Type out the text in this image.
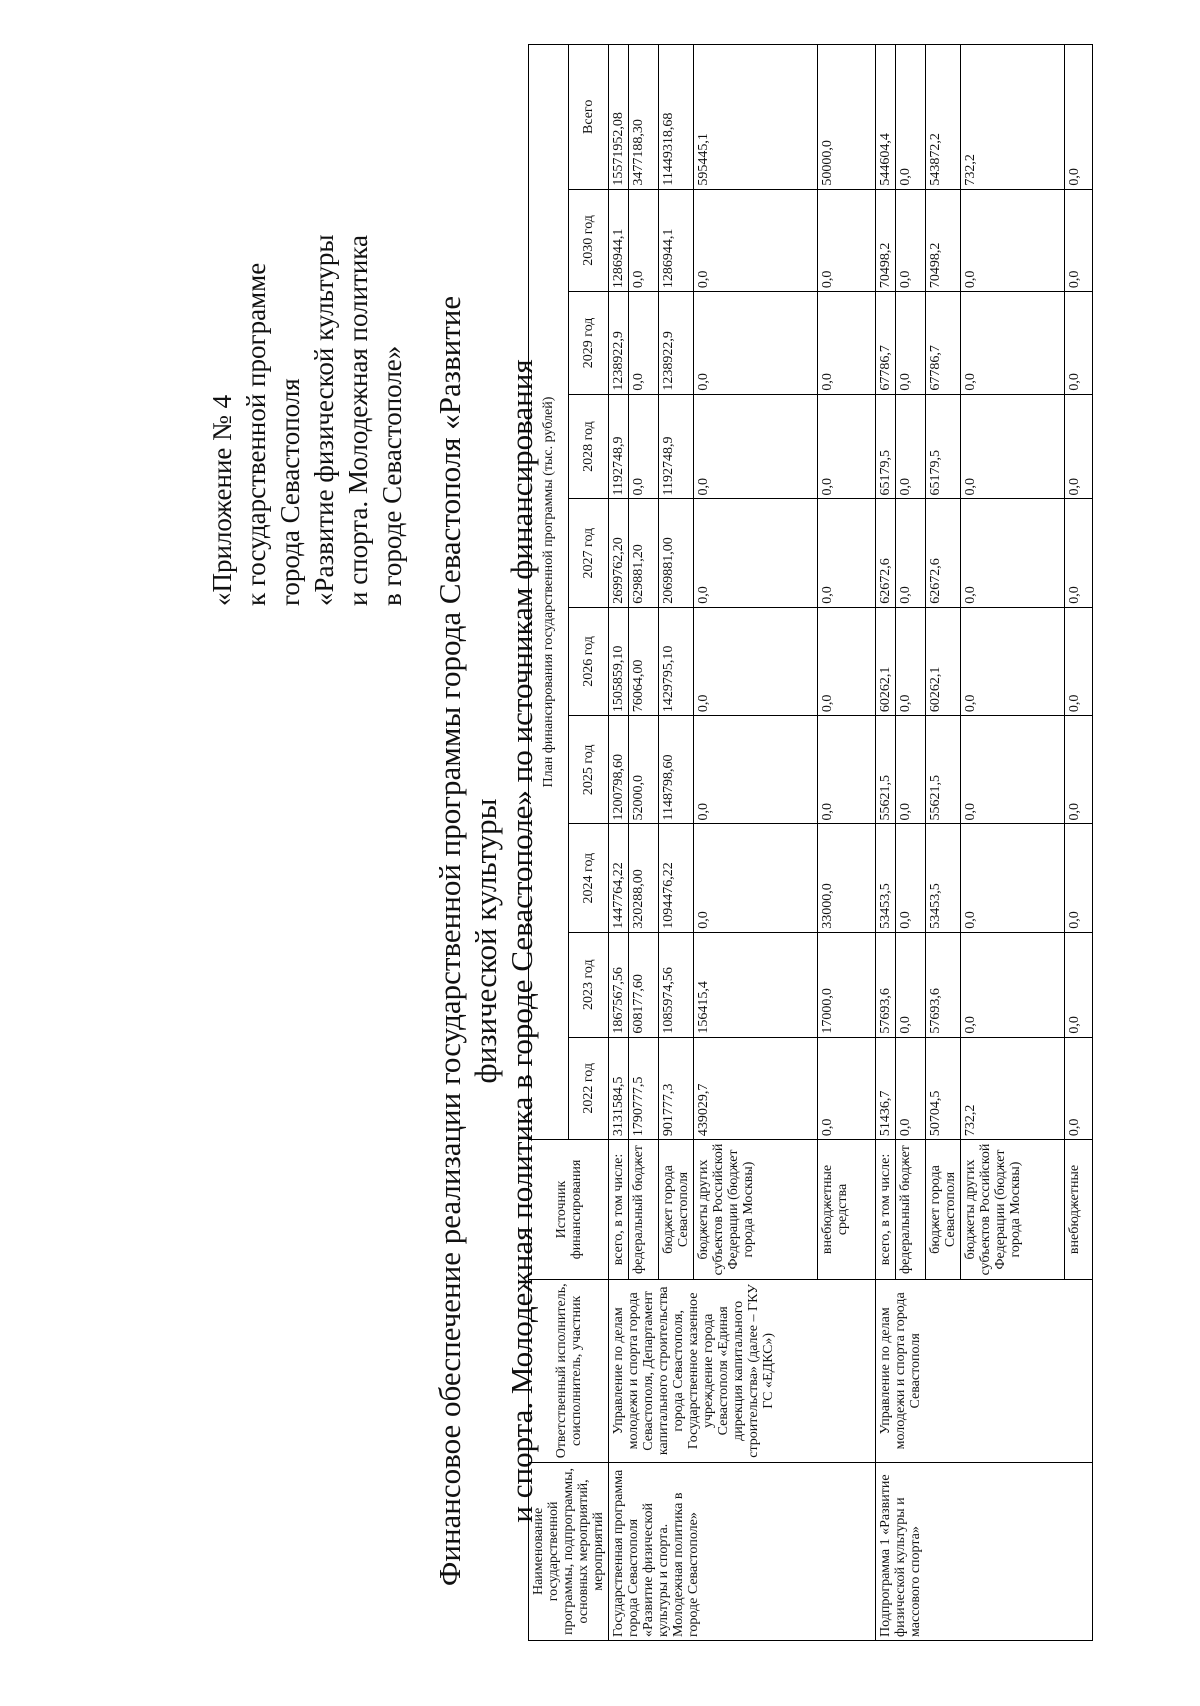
«Приложение № 4 к государственной программе города Севастополя «Развитие физической культуры и спорта. Молодежная политика в городе Севастополе» Финансовое обеспечение реализации государственной программы города Севастополя «Развитие физической культуры и спорта. Молодежная политика в городе Севастополе» по источникам финансирования
Наименование государственной программы, подпрограммы, основных мероприятий, мероприятий	Ответственный исполнитель, соисполнитель, участник	Источник финансирования	План финансирования государственной программы (тыс. рублей)									
			2022 год	2023 год	2024 год	2025 год	2026 год	2027 год	2028 год	2029 год	2030 год	Всего
Государственная программа города Севастополя «Развитие физической культуры и спорта. Молодежная политика в городе Севастополе»	Управление по делам молодежи и спорта города Севастополя, Департамент капитального строительства города Севастополя, Государственное казенное учреждение города Севастополя «Единая дирекция капитального строительства» (далее – ГКУ ГС «ЕДКС»)	всего, в том числе:	3131584,5	1867567,56	1447764,22	1200798,60	1505859,10	2699762,20	1192748,9	1238922,9	1286944,1	15571952,08
		федеральный бюджет	1790777,5	608177,60	320288,00	52000,0	76064,00	629881,20	0,0	0,0	0,0	3477188,30
		бюджет города Севастополя	901777,3	1085974,56	1094476,22	1148798,60	1429795,10	2069881,00	1192748,9	1238922,9	1286944,1	11449318,68
		бюджеты других субъектов Российской Федерации (бюджет города Москвы)	439029,7	156415,4	0,0	0,0	0,0	0,0	0,0	0,0	0,0	595445,1
		внебюджетные средства	0,0	17000,0	33000,0	0,0	0,0	0,0	0,0	0,0	0,0	50000,0
Подпрограмма 1 «Развитие физической культуры и массового спорта»	Управление по делам молодежи и спорта города Севастополя	всего, в том числе:	51436,7	57693,6	53453,5	55621,5	60262,1	62672,6	65179,5	67786,7	70498,2	544604,4
		федеральный бюджет	0,0	0,0	0,0	0,0	0,0	0,0	0,0	0,0	0,0	0,0
		бюджет города Севастополя	50704,5	57693,6	53453,5	55621,5	60262,1	62672,6	65179,5	67786,7	70498,2	543872,2
		бюджеты других субъектов Российской Федерации (бюджет города Москвы)	732,2	0,0	0,0	0,0	0,0	0,0	0,0	0,0	0,0	732,2
		внебюджетные	0,0	0,0	0,0	0,0	0,0	0,0	0,0	0,0	0,0	0,0
